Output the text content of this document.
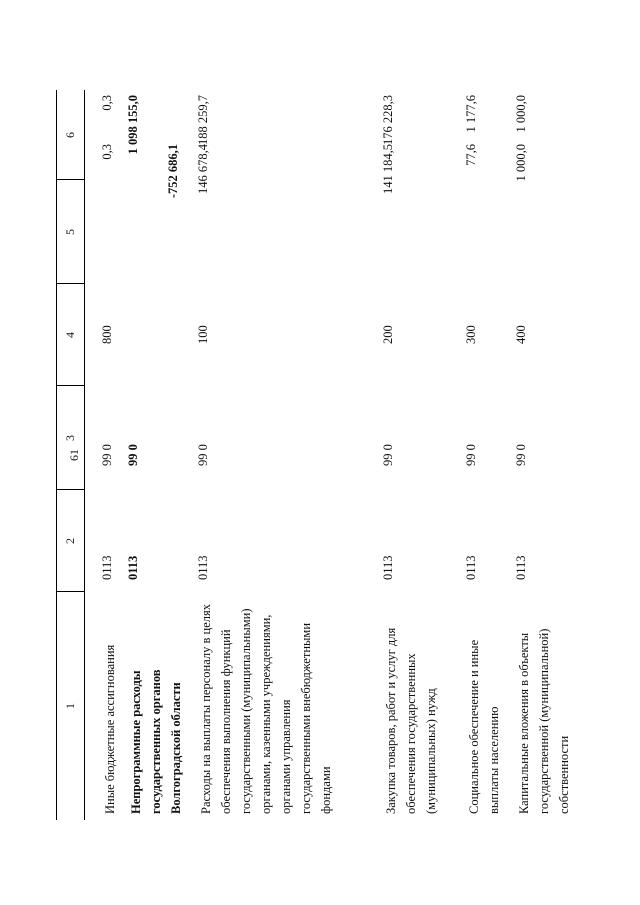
61
1
2
3
4
5
6
Иные бюджетные ассигнования
0113
99 0
800
0,3
0,3
Непрограммные расходы государственных органов Волгоградской области
0113
99 0
-752 686,1
1 098 155,0
Расходы на выплаты персоналу в целях обеспечения выполнения функций государственными (муниципальными) органами, казенными учреждениями, органами управления государственными внебюджетными фондами
0113
99 0
100
146 678,4
188 259,7
Закупка товаров, работ и услуг для обеспечения государственных (муниципальных) нужд
0113
99 0
200
141 184,5
176 228,3
Социальное обеспечение и иные выплаты населению
0113
99 0
300
77,6
1 177,6
Капитальные вложения в объекты государственной (муниципальной) собственности
0113
99 0
400
1 000,0
1 000,0
